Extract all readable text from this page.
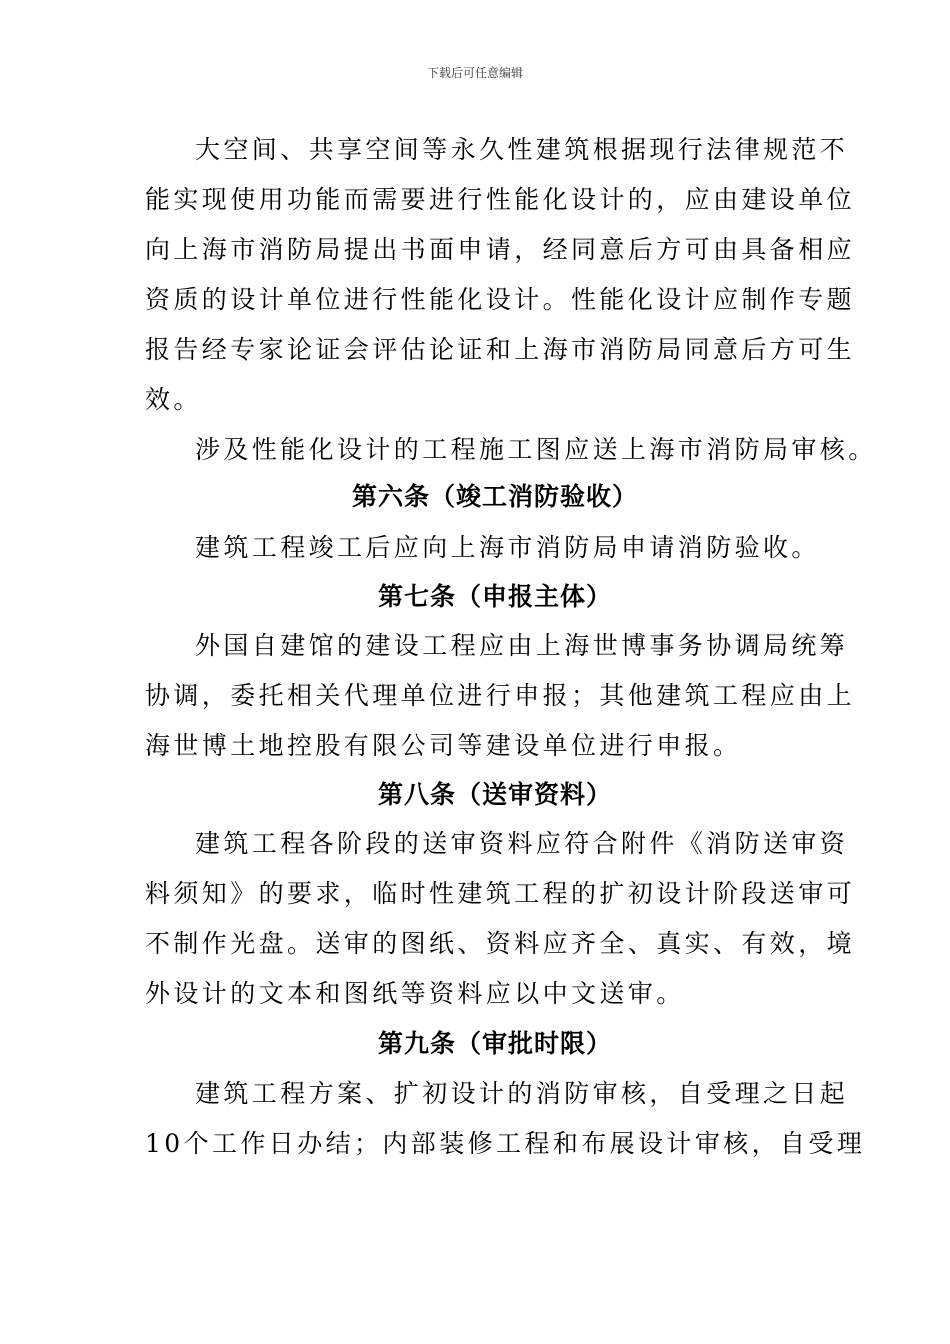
下载后可任意编辑
大空间、共享空间等永久性建筑根据现行法律规范不
能实现使用功能而需要进行性能化设计的，应由建设单位
向上海市消防局提出书面申请，经同意后方可由具备相应
资质的设计单位进行性能化设计。性能化设计应制作专题
报告经专家论证会评估论证和上海市消防局同意后方可生
效。
涉及性能化设计的工程施工图应送上海市消防局审核。
第六条（竣工消防验收）
建筑工程竣工后应向上海市消防局申请消防验收。
第七条（申报主体）
外国自建馆的建设工程应由上海世博事务协调局统筹
协调，委托相关代理单位进行申报；其他建筑工程应由上
海世博土地控股有限公司等建设单位进行申报。
第八条（送审资料）
建筑工程各阶段的送审资料应符合附件《消防送审资
料须知》的要求，临时性建筑工程的扩初设计阶段送审可
不制作光盘。送审的图纸、资料应齐全、真实、有效，境
外设计的文本和图纸等资料应以中文送审。
第九条（审批时限）
建筑工程方案、扩初设计的消防审核，自受理之日起
10个工作日办结；内部装修工程和布展设计审核，自受理
